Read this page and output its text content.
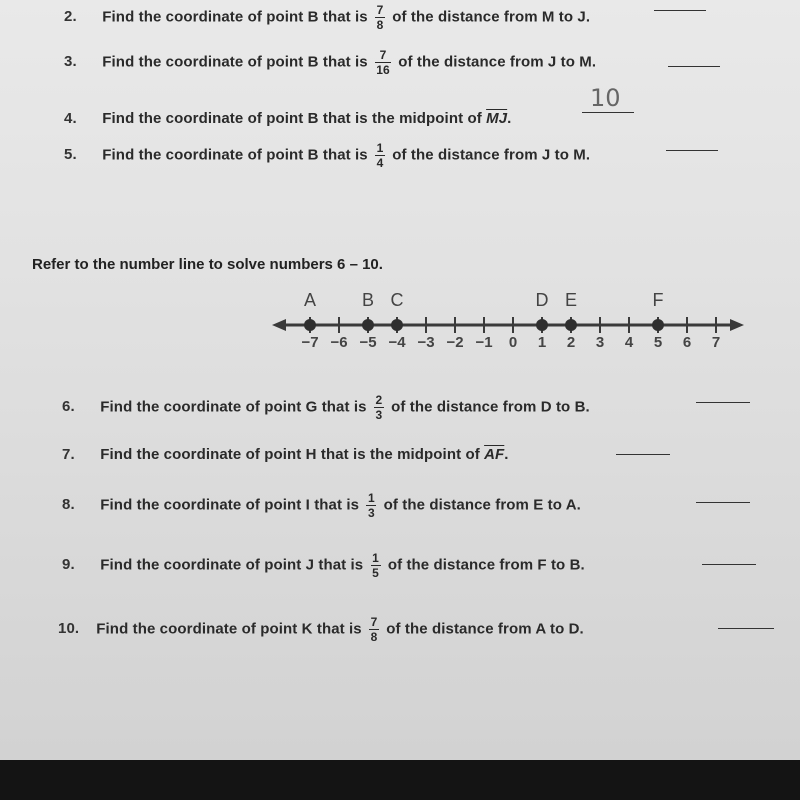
2. Find the coordinate of point B that is $\frac{7}{8}$ of the distance from M to J.
3. Find the coordinate of point B that is $\frac{7}{16}$ of the distance from J to M.
4. Find the coordinate of point B that is the midpoint of $\overline{MJ}$.
10
5. Find the coordinate of point B that is $\frac{1}{4}$ of the distance from J to M.
Refer to the number line to solve numbers 6 – 10.
−7 −6 −5 −4 −3 −2 −1 0 1 2 3 4 5 6 7
A	B C	D E	F
6. Find the coordinate of point G that is $\frac{2}{3}$ of the distance from D to B.
7. Find the coordinate of point H that is the midpoint of $\overline{AF}$.
8. Find the coordinate of point I that is $\frac{1}{3}$ of the distance from E to A.
9. Find the coordinate of point J that is $\frac{1}{5}$ of the distance from F to B.
10. Find the coordinate of point K that is $\frac{7}{8}$ of the distance from A to D.
